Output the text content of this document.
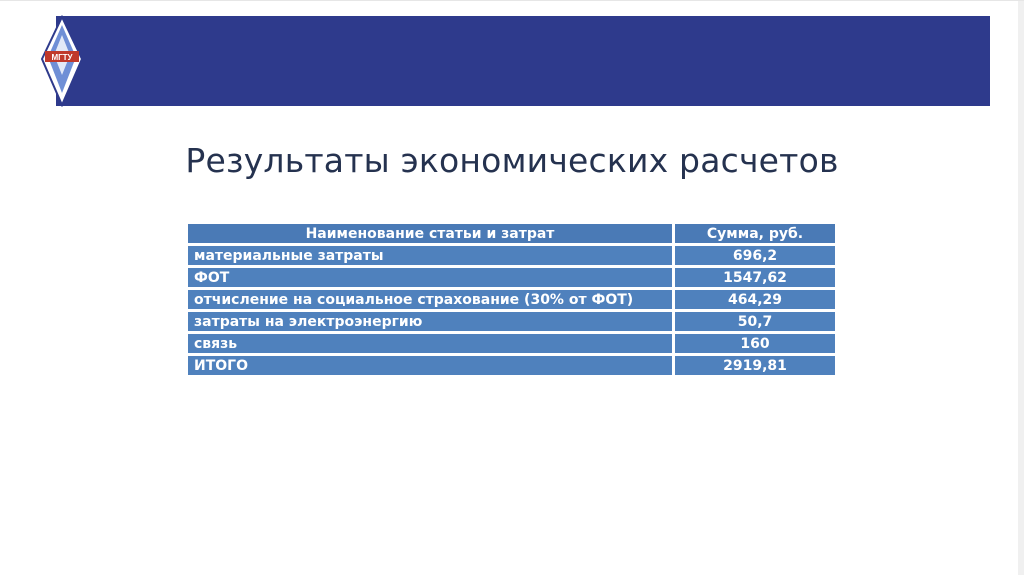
МГТУ
Результаты экономических расчетов
Наименование статьи и затрат	Сумма, руб.
материальные затраты	696,2
ФОТ	1547,62
отчисление на социальное страхование (30% от ФОТ)	464,29
затраты на электроэнергию	50,7
связь	160
ИТОГО	2919,81
